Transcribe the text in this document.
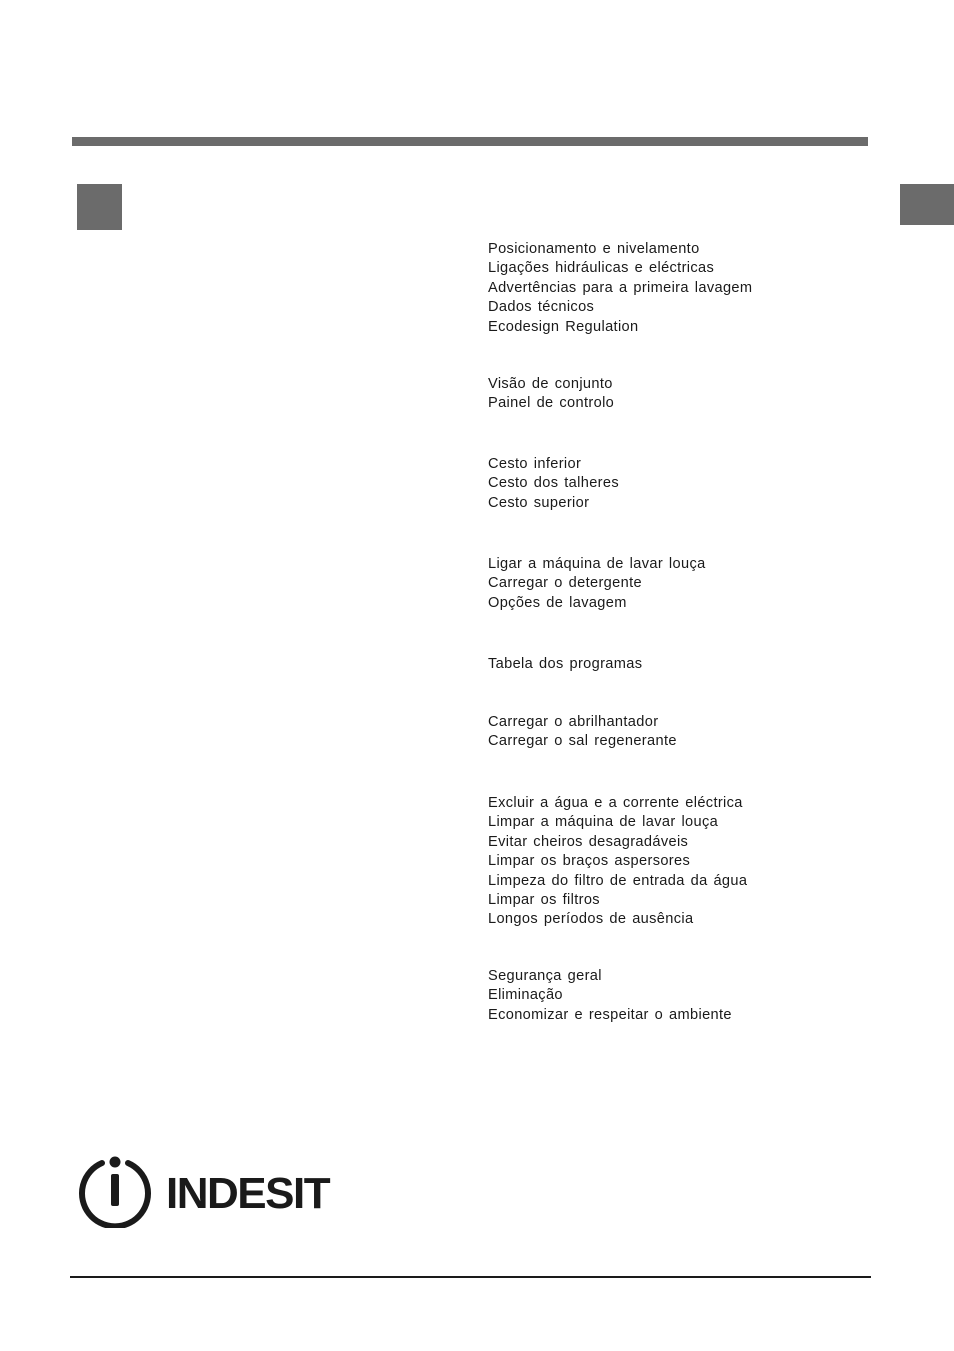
Posicionamento e nivelamento
Ligações hidráulicas e eléctricas
Advertências para a primeira lavagem
Dados técnicos
Ecodesign Regulation
Visão de conjunto
Painel de controlo
Cesto inferior
Cesto dos talheres
Cesto superior
Ligar a máquina de lavar louça
Carregar o detergente
Opções de lavagem
Tabela dos programas
Carregar o abrilhantador
Carregar o sal regenerante
Excluir a água e a corrente eléctrica
Limpar a máquina de lavar louça
Evitar cheiros desagradáveis
Limpar os braços aspersores
Limpeza do filtro de entrada da água
Limpar os filtros
Longos períodos de ausência
Segurança geral
Eliminação
Economizar e respeitar o ambiente
INDESIT
